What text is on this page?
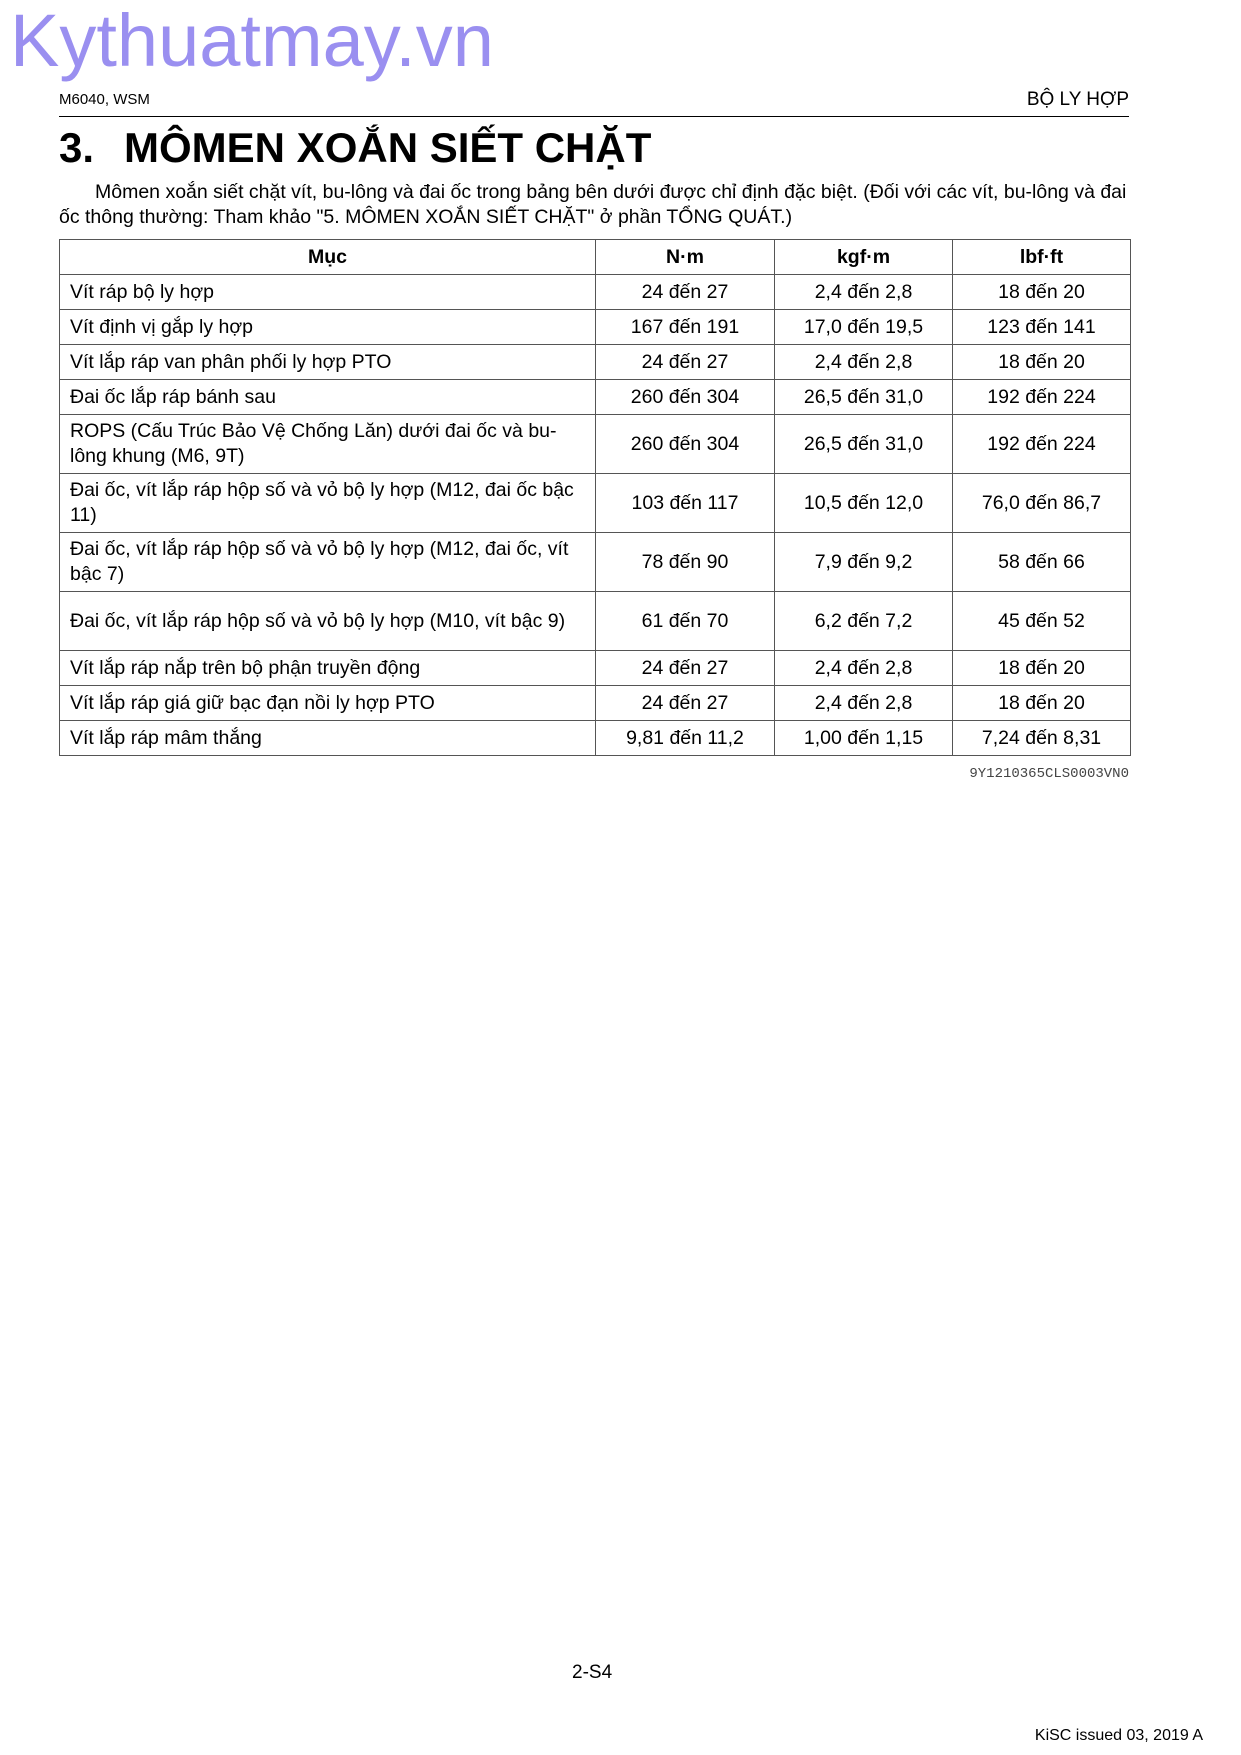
Kythuatmay.vn
M6040, WSM	BỘ LY HỢP
3. MÔMEN XOẮN SIẾT CHẶT

Mômen xoắn siết chặt vít, bu-lông và đai ốc trong bảng bên dưới được chỉ định đặc biệt. (Đối với các vít, bu-lông và đai ốc thông thường: Tham khảo "5. MÔMEN XOẮN SIẾT CHẶT" ở phần TỔNG QUÁT.)

Mục	N·m	kgf·m	lbf·ft
Vít ráp bộ ly hợp	24 đến 27	2,4 đến 2,8	18 đến 20
Vít định vị gắp ly hợp	167 đến 191	17,0 đến 19,5	123 đến 141
Vít lắp ráp van phân phối ly hợp PTO	24 đến 27	2,4 đến 2,8	18 đến 20
Đai ốc lắp ráp bánh sau	260 đến 304	26,5 đến 31,0	192 đến 224
ROPS (Cấu Trúc Bảo Vệ Chống Lăn) dưới đai ốc và bu-lông khung (M6, 9T)	260 đến 304	26,5 đến 31,0	192 đến 224
Đai ốc, vít lắp ráp hộp số và vỏ bộ ly hợp (M12, đai ốc bậc 11)	103 đến 117	10,5 đến 12,0	76,0 đến 86,7
Đai ốc, vít lắp ráp hộp số và vỏ bộ ly hợp (M12, đai ốc, vít bậc 7)	78 đến 90	7,9 đến 9,2	58 đến 66
Đai ốc, vít lắp ráp hộp số và vỏ bộ ly hợp (M10, vít bậc 9)	61 đến 70	6,2 đến 7,2	45 đến 52
Vít lắp ráp nắp trên bộ phận truyền động	24 đến 27	2,4 đến 2,8	18 đến 20
Vít lắp ráp giá giữ bạc đạn nồi ly hợp PTO	24 đến 27	2,4 đến 2,8	18 đến 20
Vít lắp ráp mâm thắng	9,81 đến 11,2	1,00 đến 1,15	7,24 đến 8,31
9Y1210365CLS0003VN0
2-S4
KiSC issued 03, 2019 A
